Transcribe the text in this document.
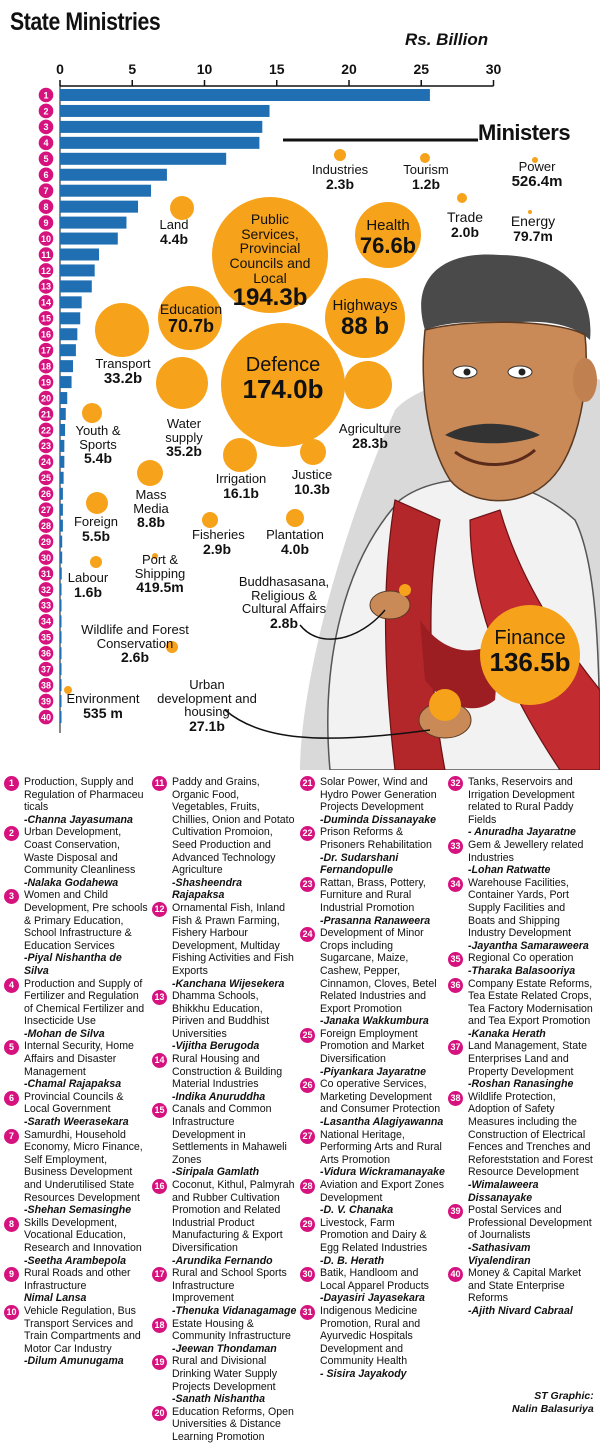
State Ministries
Rs. Billion
0	5	10	15	20	25	30
1
2
3
4
5
6
7
8
9
10
11
12
13
14
15
16
17
18
19
20
21
22
23
24
25
26
27
28
29
30
31
32
33
34
35
36
37
38
39
40
Ministers
Industries
2.3b
Tourism
1.2b
Power
526.4m
Land
4.4b
Public Services, Provincial Councils and Local
194.3b
Health
76.6b
Trade
2.0b
Energy
79.7m
Education
70.7b
Highways
88 b
Transport
33.2b
Defence
174.0b
Youth & Sports
5.4b
Water supply
35.2b
Agriculture
28.3b
Irrigation
16.1b
Justice
10.3b
Mass Media
8.8b
Foreign
5.5b	Fisheries
2.9b
Plantation
4.0b
Port & Shipping
419.5m
Labour
1.6b
Buddhasasana, Religious & Cultural Affairs
2.8b
Wildlife and Forest Conservation
2.6b
Finance
136.5b
Environment
535 m
Urban development and housing
27.1b
1 Production, Supply and Regulation of Pharmaceu ticals
-Channa Jayasumana
2 Urban Development, Coast Conservation, Waste Disposal and Community Cleanliness
-Nalaka Godahewa
3 Women and Child Development, Pre schools & Primary Education, School Infrastructure & Education Services
-Piyal Nishantha de Silva
4 Production and Supply of Fertilizer and Regulation of Chemical Fertilizer and Insecticide Use
-Mohan de Silva
5 Internal Security, Home Affairs and Disaster Management
-Chamal Rajapaksa
6 Provincial Councils & Local Government
-Sarath Weerasekara
7 Samurdhi, Household Economy, Micro Finance, Self Employment, Business Development and Underutilised State Resources Development
-Shehan Semasinghe
8 Skills Development, Vocational Education, Research and Innovation
-Seetha Arambepola
9 Rural Roads and other Infrastructure
Nimal Lansa
10 Vehicle Regulation, Bus Transport Services and Train Compartments and Motor Car Industry
-Dilum Amunugama
11 Paddy and Grains, Organic Food, Vegetables, Fruits, Chillies, Onion and Potato Cultivation Promoion, Seed Production and Advanced Technology Agriculture
-Shasheendra Rajapaksa
12 Ornamental Fish, Inland Fish & Prawn Farming, Fishery Harbour Development, Multiday Fishing Activities and Fish Exports
-Kanchana Wijesekera
13 Dhamma Schools, Bhikkhu Education, Piriven and Buddhist Universities
-Vijitha Berugoda
14 Rural Housing and Construction & Building Material Industries
-Indika Anuruddha
15 Canals and Common Infrastructure Development in Settlements in Mahaweli Zones
-Siripala Gamlath
16 Coconut, Kithul, Palmyrah and Rubber Cultivation Promotion and Related Industrial Product Manufacturing & Export Diversification
-Arundika Fernando
17 Rural and School Sports Infrastructure Improvement
-Thenuka Vidanagamage
18 Estate Housing & Community Infrastructure
-Jeewan Thondaman
19 Rural and Divisional Drinking Water Supply Projects Development
-Sanath Nishantha
20 Education Reforms, Open Universities & Distance Learning Promotion
21 Solar Power, Wind and Hydro Power Generation Projects Development
-Duminda Dissanayake
22 Prison Reforms & Prisoners Rehabilitation
-Dr. Sudarshani Fernandopulle
23 Rattan, Brass, Pottery, Furniture and Rural Industrial Promotion
-Prasanna Ranaweera
24 Development of Minor Crops including Sugarcane, Maize, Cashew, Pepper, Cinnamon, Cloves, Betel Related Industries and Export Promotion
-Janaka Wakkumbura
25 Foreign Employment Promotion and Market Diversification
-Piyankara Jayaratne
26 Co operative Services, Marketing Development and Consumer Protection
-Lasantha Alagiyawanna
27 National Heritage, Performing Arts and Rural Arts Promotion
-Vidura Wickramanayake
28 Aviation and Export Zones Development
-D. V. Chanaka
29 Livestock, Farm Promotion and Dairy & Egg Related Industries
-D. B. Herath
30 Batik, Handloom and Local Apparel Products
-Dayasiri Jayasekara
31 Indigenous Medicine Promotion, Rural and Ayurvedic Hospitals Development and Community Health
- Sisira Jayakody
32 Tanks, Reservoirs and Irrigation Development related to Rural Paddy Fields
- Anuradha Jayaratne
33 Gem & Jewellery related Industries
-Lohan Ratwatte
34 Warehouse Facilities, Container Yards, Port Supply Facilities and Boats and Shipping Industry Development
-Jayantha Samaraweera
35 Regional Co operation
-Tharaka Balasooriya
36 Company Estate Reforms, Tea Estate Related Crops, Tea Factory Modernisation and Tea Export Promotion
-Kanaka Herath
37 Land Management, State Enterprises Land and Property Development
-Roshan Ranasinghe
38 Wildlife Protection, Adoption of Safety Measures including the Construction of Electrical Fences and Trenches and Reforeststation and Forest Resource Development
-Wimalaweera Dissanayake
39 Postal Services and Professional Development of Journalists
-Sathasivam Viyalendiran
40 Money & Capital Market and State Enterprise Reforms
-Ajith Nivard Cabraal
ST Graphic:
Nalin Balasuriya
